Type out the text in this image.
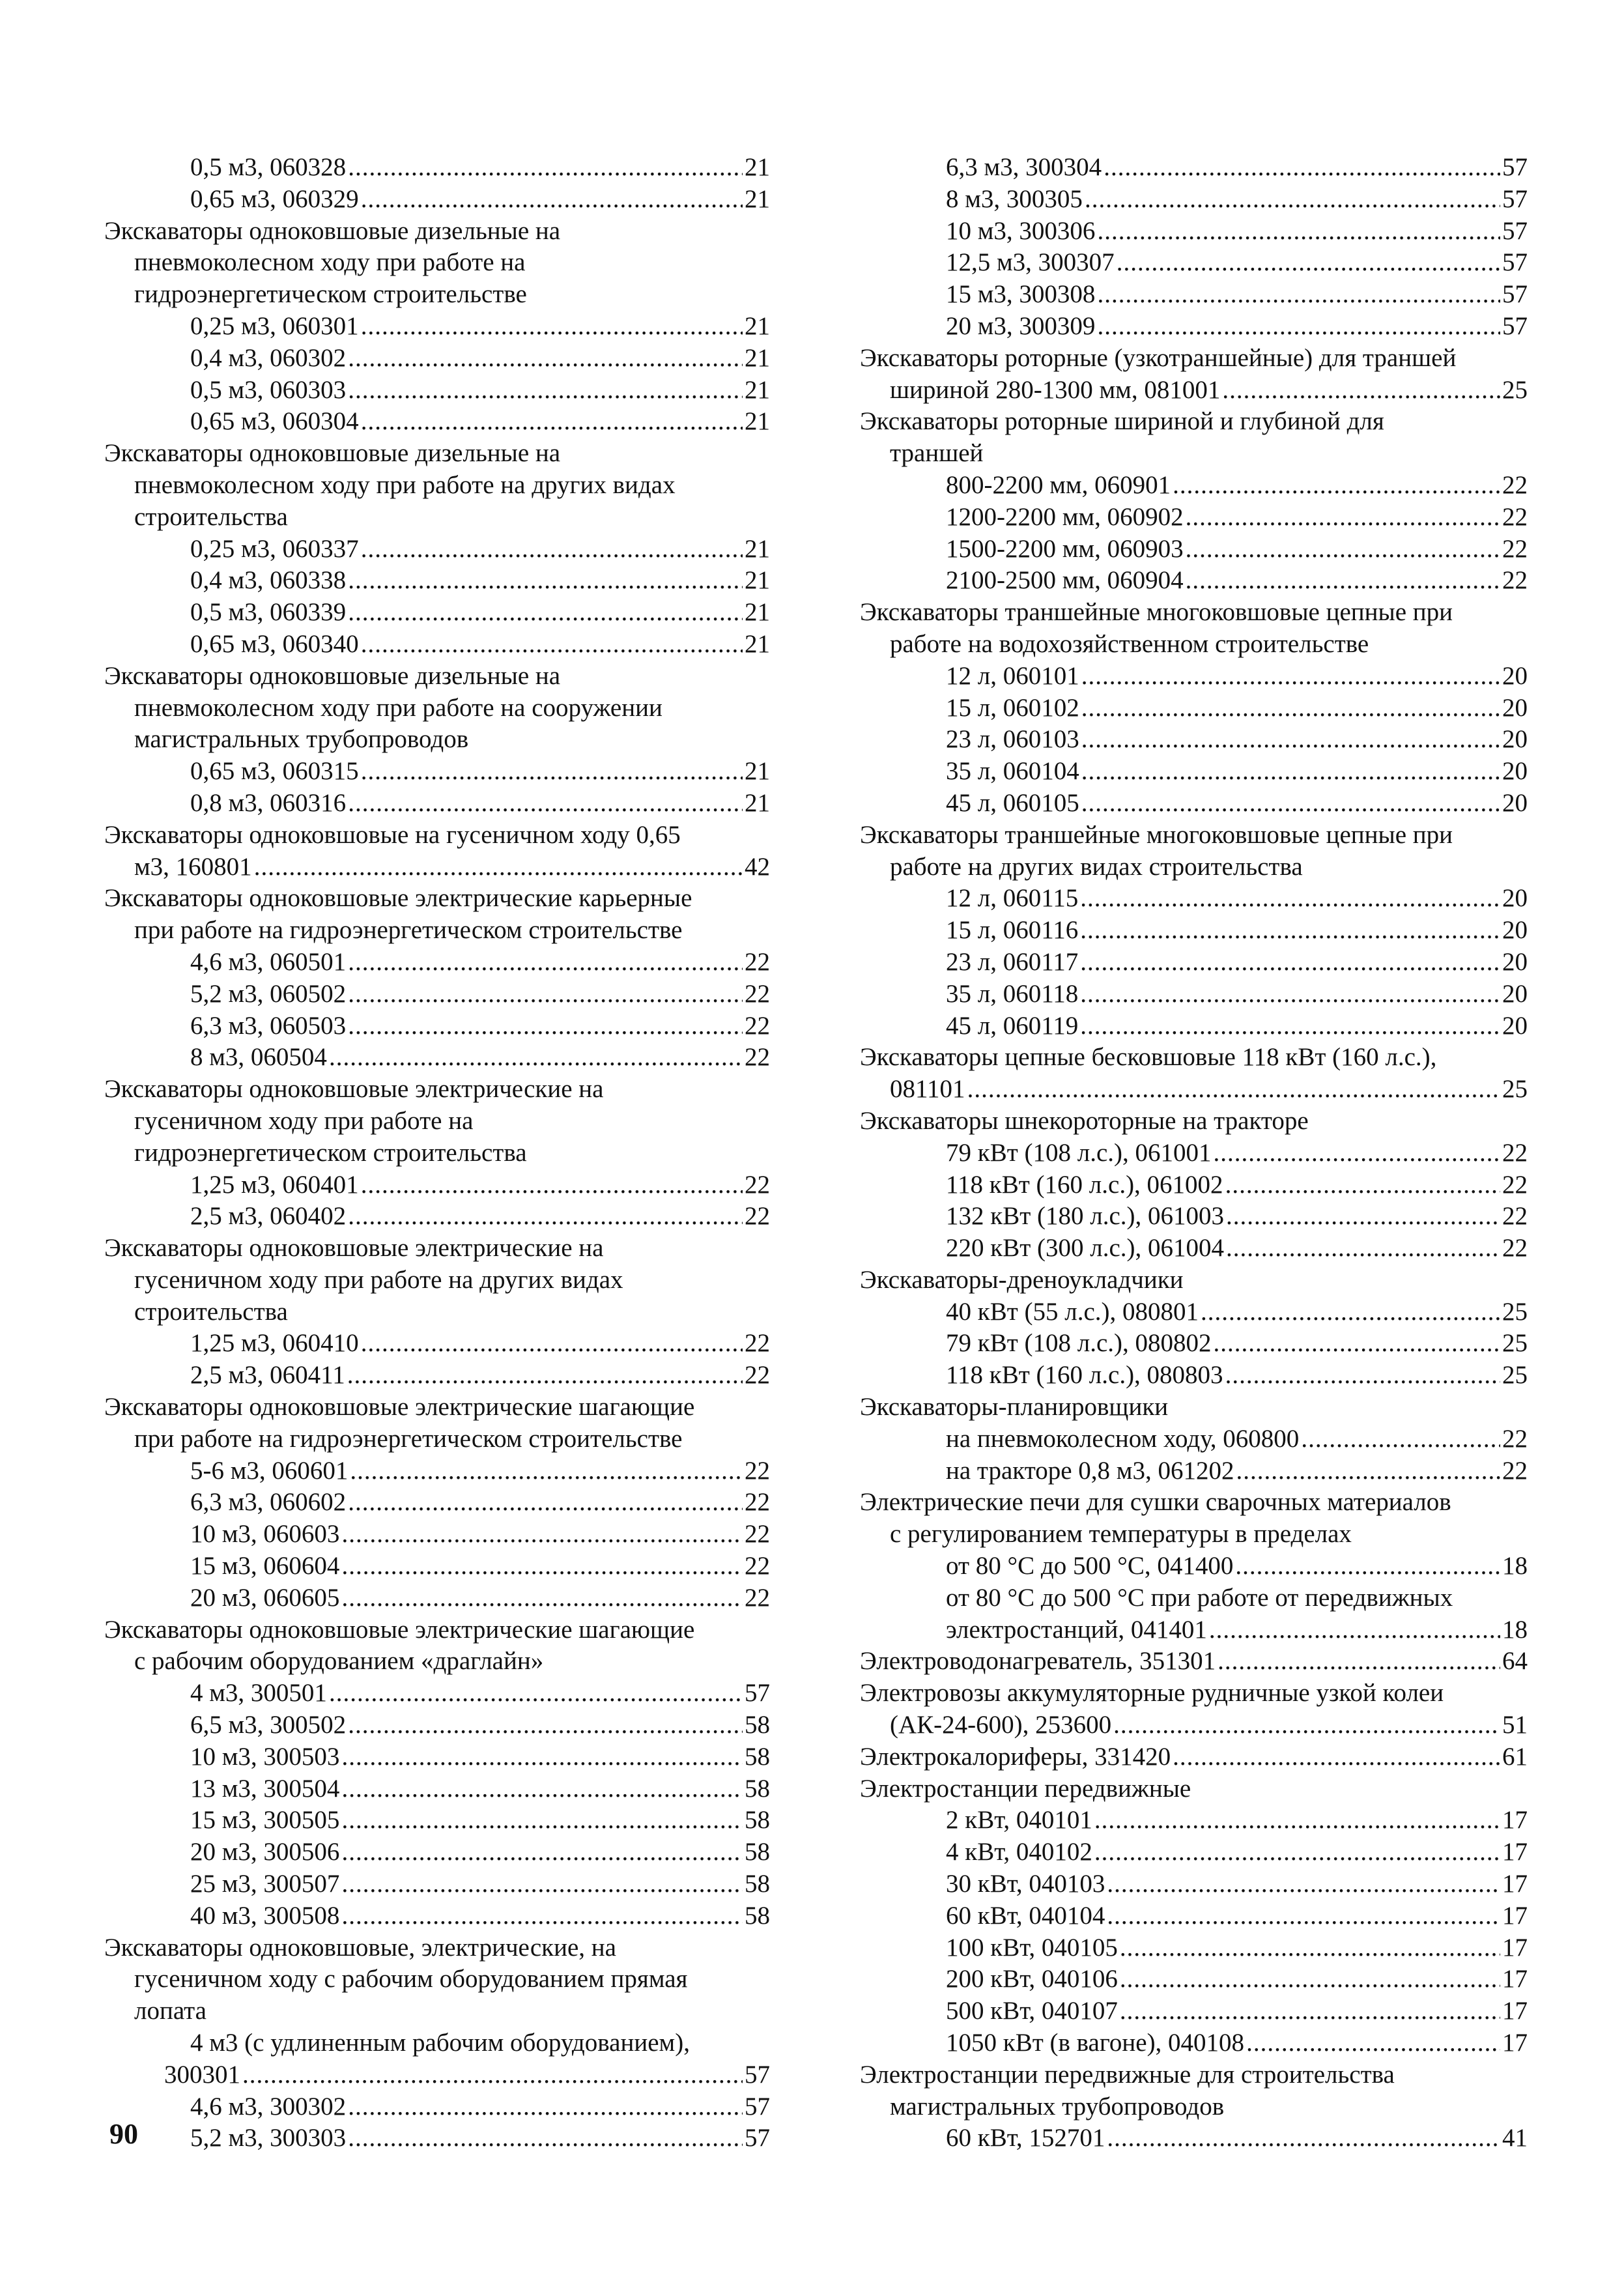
0,5 м3, 060328 .....	21
0,65 м3, 060329 .....	21
Экскаваторы одноковшовые дизельные на
пневмоколесном ходу при работе на
гидроэнергетическом строительстве
0,25 м3, 060301 .....	21
0,4 м3, 060302 .....	21
0,5 м3, 060303 .....	21
0,65 м3, 060304 .....	21
Экскаваторы одноковшовые дизельные на
пневмоколесном ходу при работе на других видах
строительства
0,25 м3, 060337 .....	21
0,4 м3, 060338 .....	21
0,5 м3, 060339 .....	21
0,65 м3, 060340 .....	21
Экскаваторы одноковшовые дизельные на
пневмоколесном ходу при работе на сооружении
магистральных трубопроводов
0,65 м3, 060315 .....	21
0,8 м3, 060316 .....	21
Экскаваторы одноковшовые на гусеничном ходу 0,65
м3, 160801 .....	42
Экскаваторы одноковшовые электрические карьерные
при работе на гидроэнергетическом строительстве
4,6 м3, 060501 .....	22
5,2 м3, 060502 .....	22
6,3 м3, 060503 .....	22
8 м3, 060504 .....	22
Экскаваторы одноковшовые электрические на
гусеничном ходу при работе на
гидроэнергетическом строительства
1,25 м3, 060401 .....	22
2,5 м3, 060402 .....	22
Экскаваторы одноковшовые электрические на
гусеничном ходу при работе на других видах
строительства
1,25 м3, 060410 .....	22
2,5 м3, 060411 .....	22
Экскаваторы одноковшовые электрические шагающие
при работе на гидроэнергетическом строительстве
5-6 м3, 060601 .....	22
6,3 м3, 060602 .....	22
10 м3, 060603 .....	22
15 м3, 060604 .....	22
20 м3, 060605 .....	22
Экскаваторы одноковшовые электрические шагающие
с рабочим оборудованием «драглайн»
4 м3, 300501 .....	57
6,5 м3, 300502 .....	58
10 м3, 300503 .....	58
13 м3, 300504 .....	58
15 м3, 300505 .....	58
20 м3, 300506 .....	58
25 м3, 300507 .....	58
40 м3, 300508 .....	58
Экскаваторы одноковшовые, электрические, на
гусеничном ходу с рабочим оборудованием прямая
лопата
4 м3 (с удлиненным рабочим оборудованием),
300301 .....	57
4,6 м3, 300302 .....	57
5,2 м3, 300303 .....	57
6,3 м3, 300304 .....	57
8 м3, 300305 .....	57
10 м3, 300306 .....	57
12,5 м3, 300307 .....	57
15 м3, 300308 .....	57
20 м3, 300309 .....	57
Экскаваторы роторные (узкотраншейные) для траншей
шириной 280-1300 мм, 081001 .....	25
Экскаваторы роторные шириной и глубиной для
траншей
800-2200 мм, 060901 .....	22
1200-2200 мм, 060902 .....	22
1500-2200 мм, 060903 .....	22
2100-2500 мм, 060904 .....	22
Экскаваторы траншейные многоковшовые цепные при
работе на водохозяйственном строительстве
12 л, 060101 .....	20
15 л, 060102 .....	20
23 л, 060103 .....	20
35 л, 060104 .....	20
45 л, 060105 .....	20
Экскаваторы траншейные многоковшовые цепные при
работе на других видах строительства
12 л, 060115 .....	20
15 л, 060116 .....	20
23 л, 060117 .....	20
35 л, 060118 .....	20
45 л, 060119 .....	20
Экскаваторы цепные бесковшовые 118 кВт (160 л.с.),
081101 .....	25
Экскаваторы шнекороторные на тракторе
79 кВт (108 л.с.), 061001 .....	22
118 кВт (160 л.с.), 061002 .....	22
132 кВт (180 л.с.), 061003 .....	22
220 кВт (300 л.с.), 061004 .....	22
Экскаваторы-дреноукладчики
40 кВт (55 л.с.), 080801 .....	25
79 кВт (108 л.с.), 080802 .....	25
118 кВт (160 л.с.), 080803 .....	25
Экскаваторы-планировщики
на пневмоколесном ходу, 060800 .....	22
на тракторе 0,8 м3, 061202 .....	22
Электрические печи для сушки сварочных материалов
с регулированием температуры в пределах
от 80 °С до 500 °С, 041400 .....	18
от 80 °С до 500 °С при работе от передвижных
электростанций, 041401 .....	18
Электроводонагреватель, 351301 .....	64
Электровозы аккумуляторные рудничные узкой колеи
(АК-24-600), 253600 .....	51
Электрокалориферы, 331420 .....	61
Электростанции передвижные
2 кВт, 040101 .....	17
4 кВт, 040102 .....	17
30 кВт, 040103 .....	17
60 кВт, 040104 .....	17
100 кВт, 040105 .....	17
200 кВт, 040106 .....	17
500 кВт, 040107 .....	17
1050 кВт (в вагоне), 040108 .....	17
Электростанции передвижные для строительства
магистральных трубопроводов
60 кВт, 152701 .....	41
90
